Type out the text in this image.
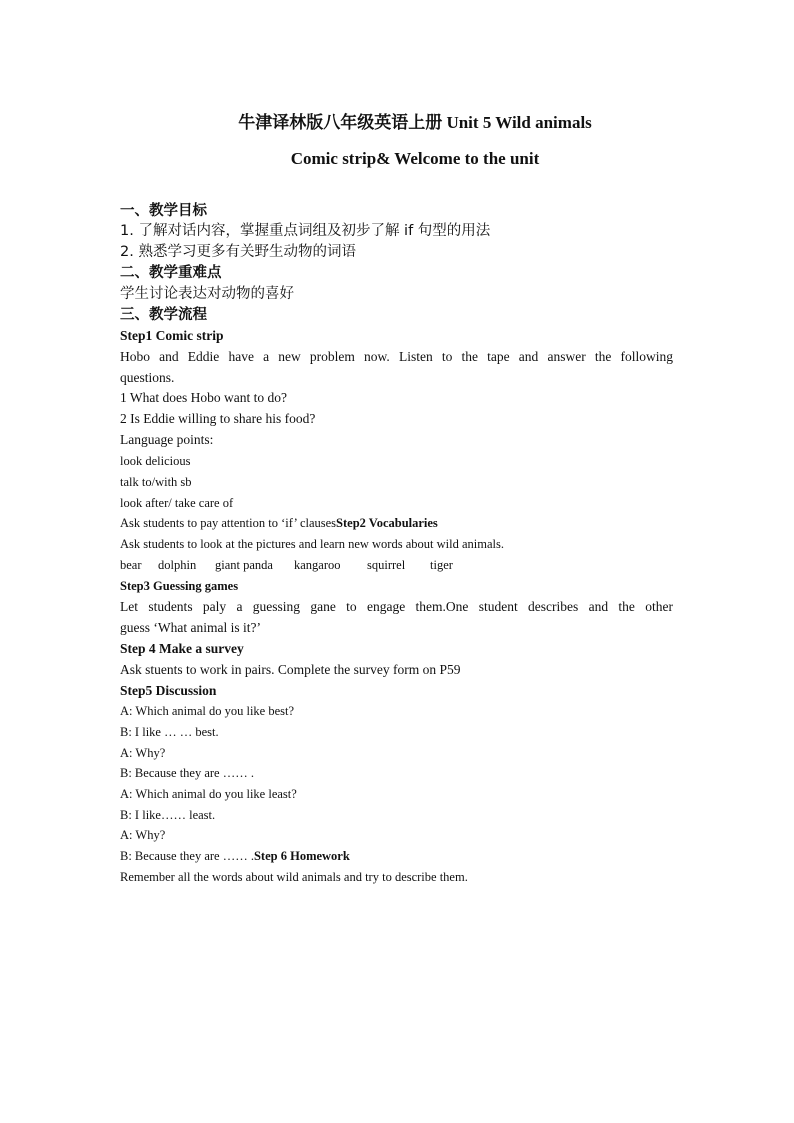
牛津译林版八年级英语上册 Unit 5 Wild animals
Comic strip& Welcome to the unit
一、教学目标
1. 了解对话内容，掌握重点词组及初步了解 if 句型的用法
2. 熟悉学习更多有关野生动物的词语
二、教学重难点
学生讨论表达对动物的喜好
三、教学流程
Step1 Comic strip
Hobo and Eddie have a new problem now. Listen to the tape and answer the following
questions.
1 What does Hobo want to do?
2 Is Eddie willing to share his food?
Language points:
look delicious
talk to/with sb
look after/ take care of
Ask students to pay attention to ‘if’ clausesStep2 Vocabularies
Ask students to look at the pictures and learn new words about wild animals.
bear dolphin giant panda kangaroo squirrel tiger
Step3 Guessing games
Let students paly a guessing gane to engage them.One student describes and the other
guess ‘What animal is it?’
Step 4 Make a survey
Ask stuents to work in pairs. Complete the survey form on P59
Step5 Discussion
A: Which animal do you like best?
B: I like … … best.
A: Why?
B: Because they are …… .
A: Which animal do you like least?
B: I like…… least.
A: Why?
B: Because they are …… .Step 6 Homework
Remember all the words about wild animals and try to describe them.
